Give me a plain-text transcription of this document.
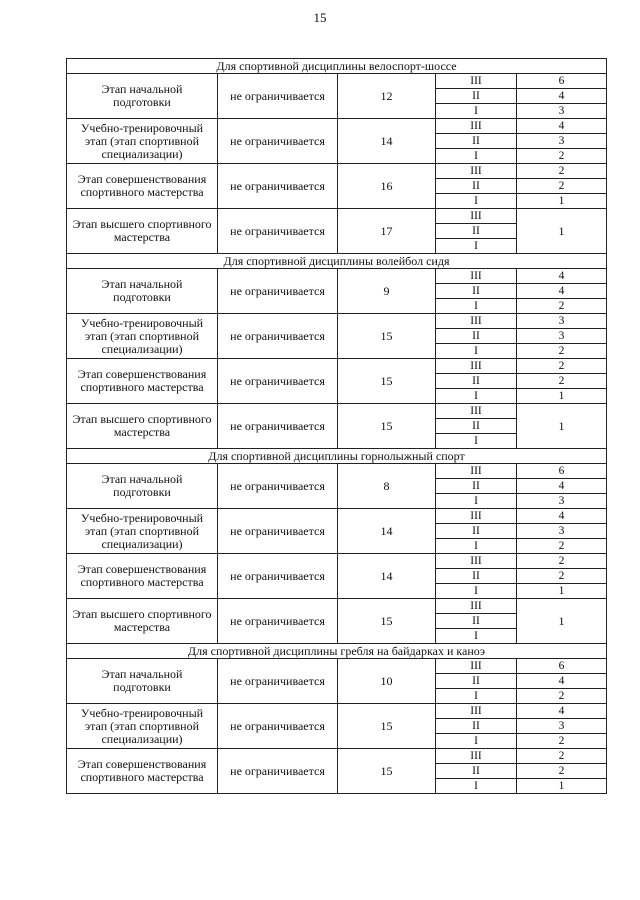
15
Для спортивной дисциплины велоспорт-шоссе				
Этап начальной
подготовки	не ограничивается	12	III	6
			II	4
			I	3
Учебно-тренировочный
этап (этап спортивной
специализации)	не ограничивается	14	III	4
			II	3
			I	2
Этап совершенствования
спортивного мастерства	не ограничивается	16	III	2
			II	2
			I	1
Этап высшего спортивного
мастерства	не ограничивается	17	III	1
			II	
			I	
Для спортивной дисциплины волейбол сидя				
Этап начальной
подготовки	не ограничивается	9	III	4
			II	4
			I	2
Учебно-тренировочный
этап (этап спортивной
специализации)	не ограничивается	15	III	3
			II	3
			I	2
Этап совершенствования
спортивного мастерства	не ограничивается	15	III	2
			II	2
			I	1
Этап высшего спортивного
мастерства	не ограничивается	15	III	1
			II	
			I	
Для спортивной дисциплины горнолыжный спорт				
Этап начальной
подготовки	не ограничивается	8	III	6
			II	4
			I	3
Учебно-тренировочный
этап (этап спортивной
специализации)	не ограничивается	14	III	4
			II	3
			I	2
Этап совершенствования
спортивного мастерства	не ограничивается	14	III	2
			II	2
			I	1
Этап высшего спортивного
мастерства	не ограничивается	15	III	1
			II	
			I	
Для спортивной дисциплины гребля на байдарках и каноэ				
Этап начальной
подготовки	не ограничивается	10	III	6
			II	4
			I	2
Учебно-тренировочный
этап (этап спортивной
специализации)	не ограничивается	15	III	4
			II	3
			I	2
Этап совершенствования
спортивного мастерства	не ограничивается	15	III	2
			II	2
			I	1
